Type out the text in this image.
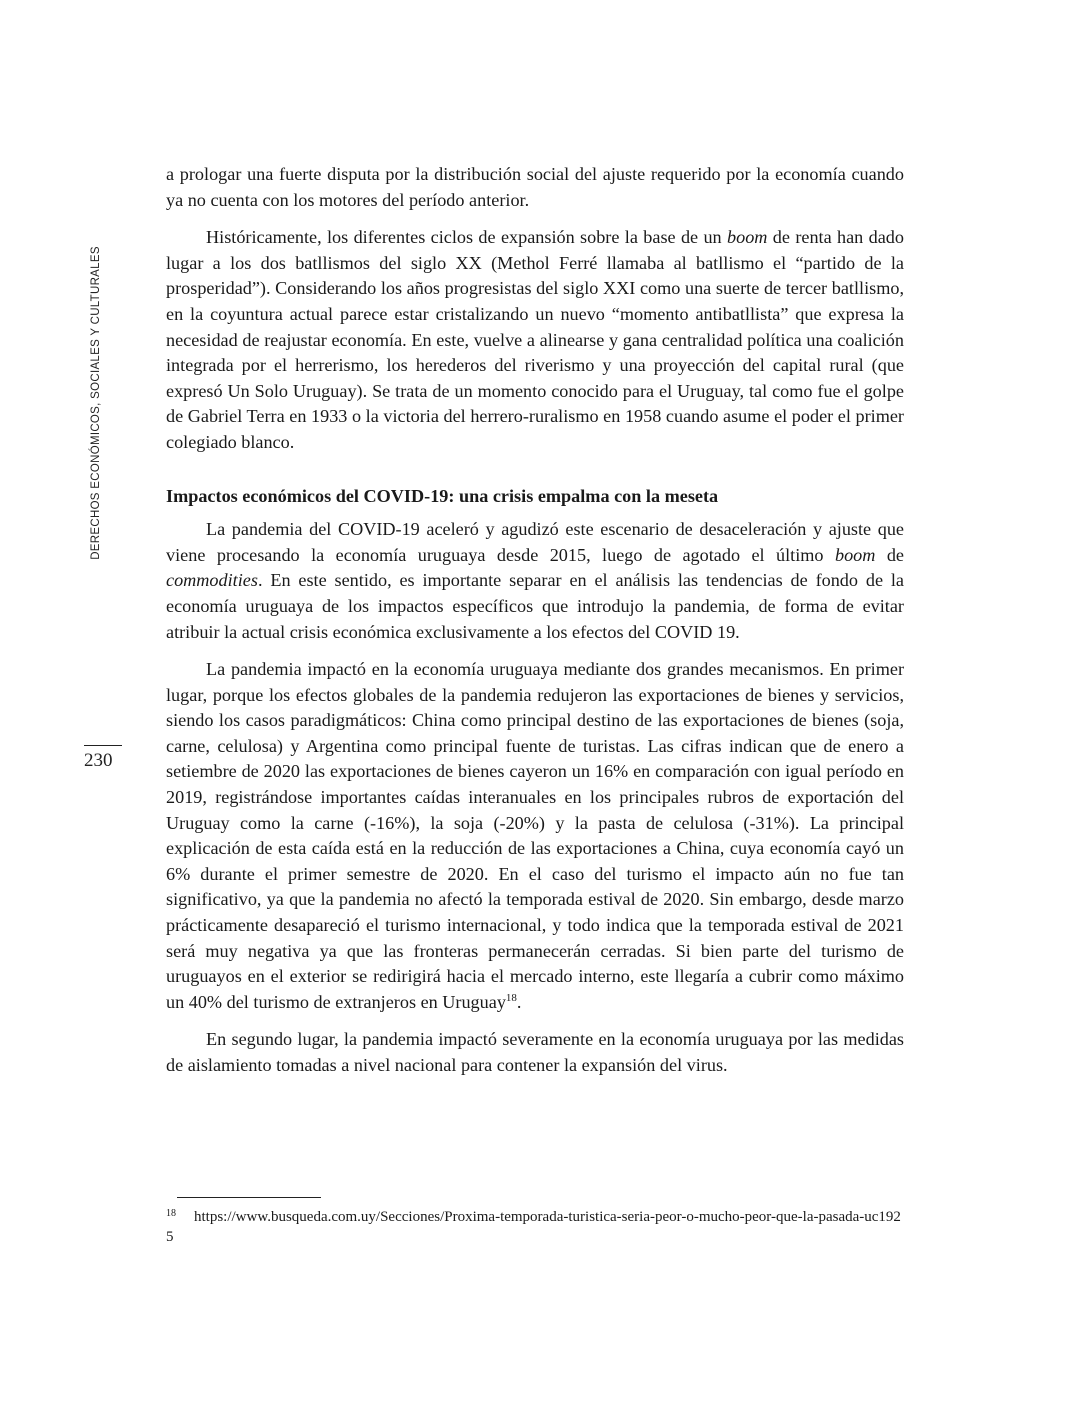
DERECHOS ECONÓMICOS, SOCIALES Y CULTURALES
230

a prologar una fuerte disputa por la distribución social del ajuste requerido por la economía cuando ya no cuenta con los motores del período anterior.

Históricamente, los diferentes ciclos de expansión sobre la base de un boom de renta han dado lugar a los dos batllismos del siglo XX (Methol Ferré llamaba al batllismo el “partido de la prosperidad”). Considerando los años progresistas del siglo XXI como una suerte de tercer batllismo, en la coyuntura actual parece estar cristalizando un nuevo “momento antibatllista” que expresa la necesidad de reajustar economía. En este, vuelve a alinearse y gana centralidad política una coalición integrada por el herrerismo, los herederos del riverismo y una proyección del capital rural (que expresó Un Solo Uruguay). Se trata de un momento conocido para el Uruguay, tal como fue el golpe de Gabriel Terra en 1933 o la victoria del herrero-ruralismo en 1958 cuando asume el poder el primer colegiado blanco.

Impactos económicos del COVID-19: una crisis empalma con la meseta

La pandemia del COVID-19 aceleró y agudizó este escenario de desaceleración y ajuste que viene procesando la economía uruguaya desde 2015, luego de agotado el último boom de commodities. En este sentido, es importante separar en el análisis las tendencias de fondo de la economía uruguaya de los impactos específicos que introdujo la pandemia, de forma de evitar atribuir la actual crisis económica exclusivamente a los efectos del COVID 19.

La pandemia impactó en la economía uruguaya mediante dos grandes mecanismos. En primer lugar, porque los efectos globales de la pandemia redujeron las exportaciones de bienes y servicios, siendo los casos paradigmáticos: China como principal destino de las exportaciones de bienes (soja, carne, celulosa) y Argentina como principal fuente de turistas. Las cifras indican que de enero a setiembre de 2020 las exportaciones de bienes cayeron un 16% en comparación con igual período en 2019, registrándose importantes caídas interanuales en los principales rubros de exportación del Uruguay como la carne (-16%), la soja (-20%) y la pasta de celulosa (-31%). La principal explicación de esta caída está en la reducción de las exportaciones a China, cuya economía cayó un 6% durante el primer semestre de 2020. En el caso del turismo el impacto aún no fue tan significativo, ya que la pandemia no afectó la temporada estival de 2020. Sin embargo, desde marzo prácticamente desapareció el turismo internacional, y todo indica que la temporada estival de 2021 será muy negativa ya que las fronteras permanecerán cerradas. Si bien parte del turismo de uruguayos en el exterior se redirigirá hacia el mercado interno, este llegaría a cubrir como máximo un 40% del turismo de extranjeros en Uruguay$^{18}$.

En segundo lugar, la pandemia impactó severamente en la economía uruguaya por las medidas de aislamiento tomadas a nivel nacional para contener la expansión del virus.

$^{18}$ https://www.busqueda.com.uy/Secciones/Proxima-temporada-turistica-seria-peor-o-mucho-peor-que-la-pasada-uc1925
